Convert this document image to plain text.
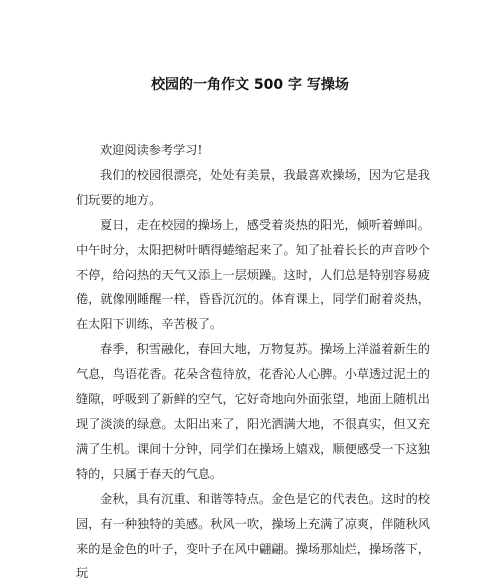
校园的一角作文 500 字 写操场

欢迎阅读参考学习!

我们的校园很漂亮，处处有美景，我最喜欢操场，因为它是我们玩要的地方。

夏日，走在校园的操场上，感受着炎热的阳光，倾听着蝉叫。中午时分，太阳把树叶晒得蜷缩起来了。知了扯着长长的声音吵个不停，给闷热的天气又添上一层烦躁。这时，人们总是特别容易疲倦，就像刚睡醒一样，昏昏沉沉的。体育课上，同学们耐着炎热，在太阳下训练，辛苦极了。

春季，积雪融化，春回大地，万物复苏。操场上洋溢着新生的气息，鸟语花香。花朵含苞待放，花香沁人心脾。小草透过泥土的缝隙，呼吸到了新鲜的空气，它好奇地向外面张望，地面上随机出现了淡淡的绿意。太阳出来了，阳光洒满大地，不很真实，但又充满了生机。课间十分钟，同学们在操场上嬉戏，顺便感受一下这独特的，只属于春天的气息。

金秋，具有沉重、和谐等特点。金色是它的代表色。这时的校园，有一种独特的美感。秋风一吹，操场上充满了凉爽，伴随秋风来的是金色的叶子，变叶子在风中翩翩。操场那灿烂，操场落下，玩
